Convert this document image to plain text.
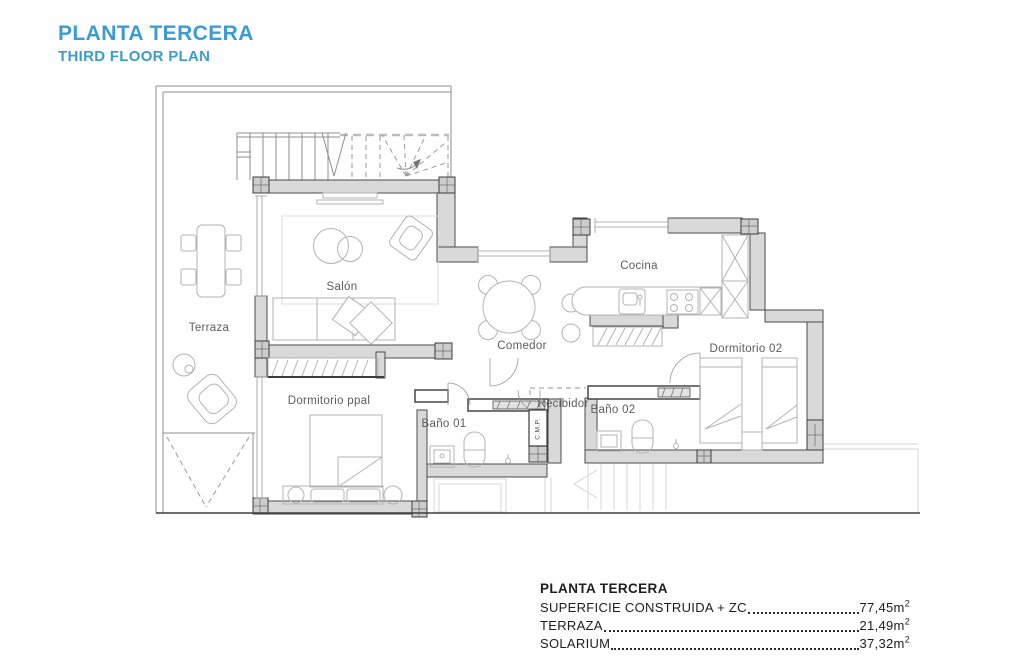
PLANTA TERCERA
THIRD FLOOR PLAN
Salón
Terraza
Comedor
Cocina
Dormitorio ppal
Baño 01
Recibidor Baño 02
Dormitorio 02
C.M.P.
PLANTA TERCERA
SUPERFICIE CONSTRUIDA + ZC	$77,45m^2$
TERRAZA	$21,49m^2$
SOLARIUM	$37,32m^2$
